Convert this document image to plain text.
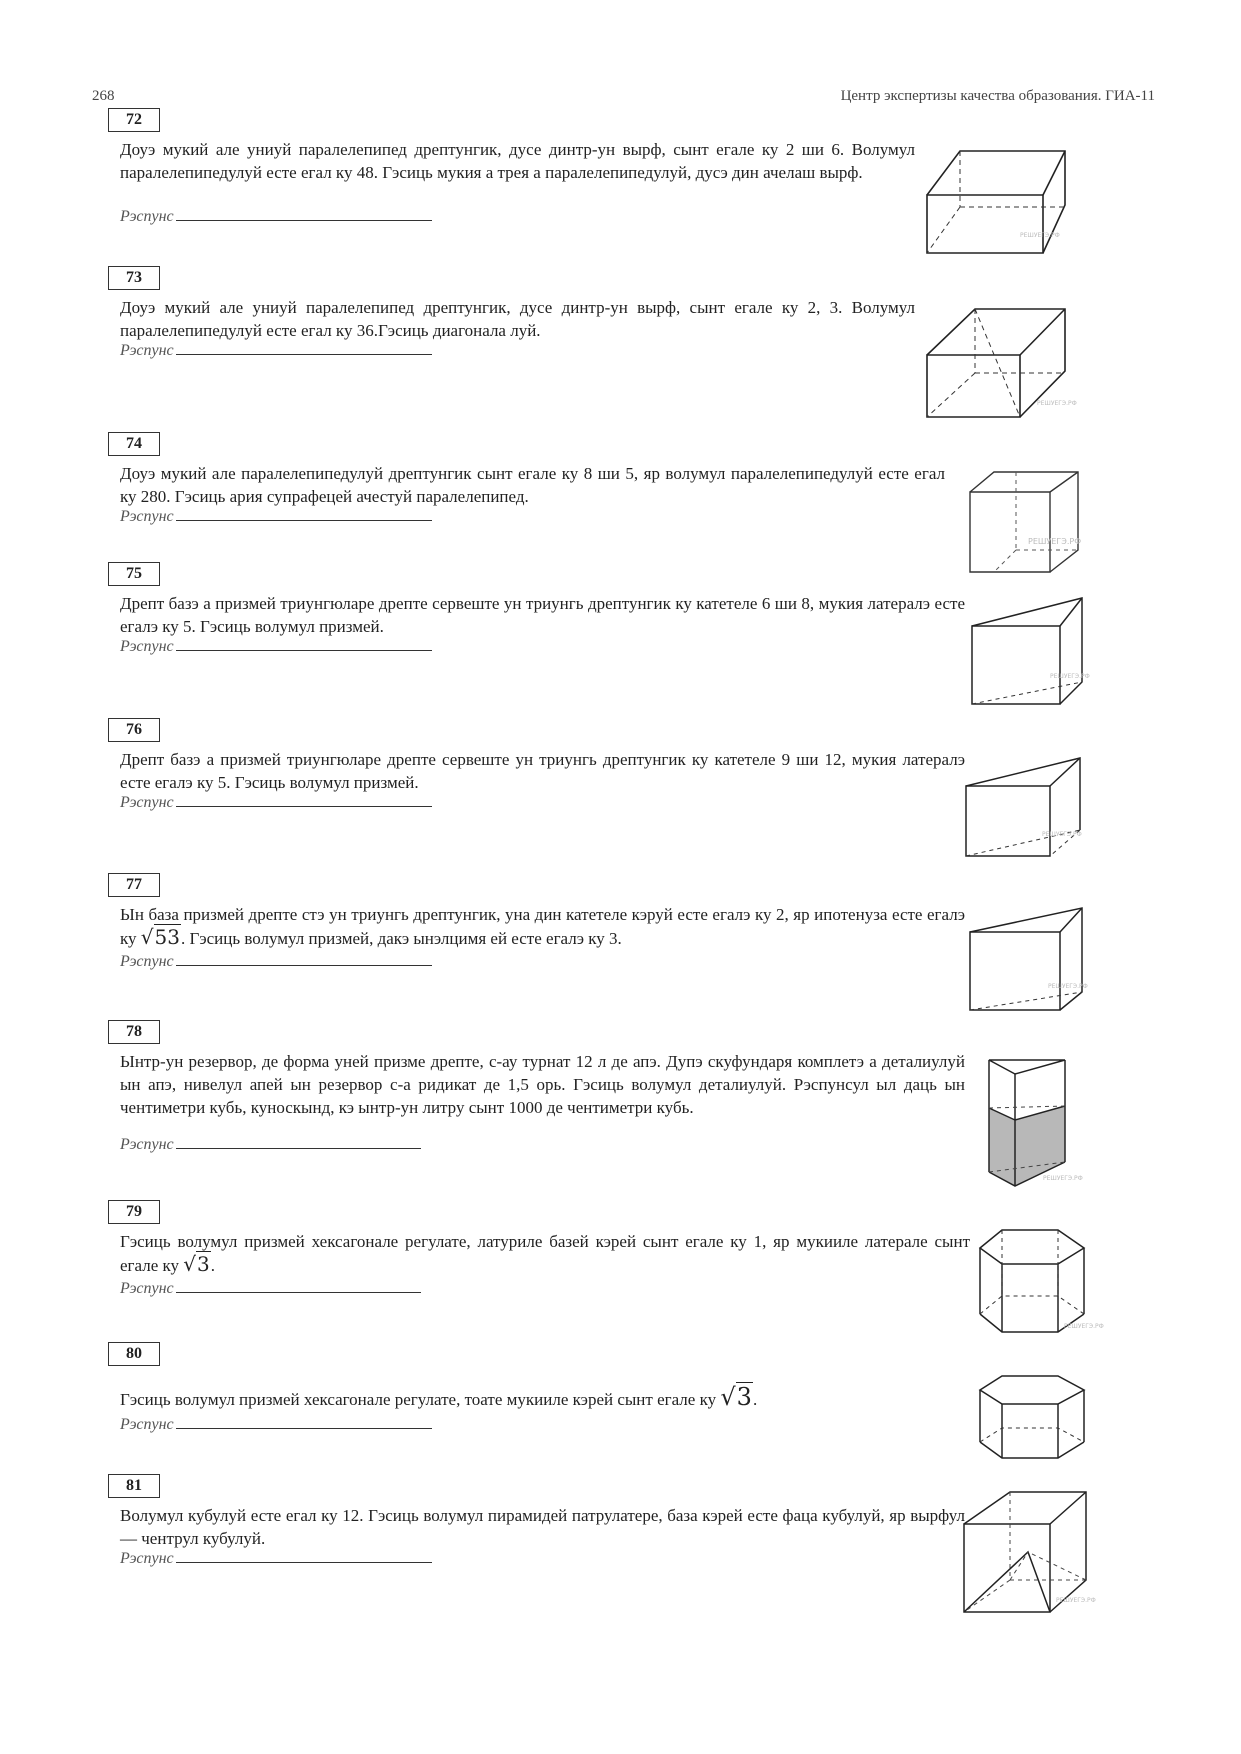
268	Центр экспертизы качества образования. ГИА-11
72
Доуэ мукий але униуй паралелепипед дрептунгик, дусе динтр-ун вырф, сынт егале ку 2 ши 6. Волумул паралелепипедулуй есте егал ку 48. Гэсиць мукия а трея а паралелепипедулуй, дусэ дин ачелаш вырф.
Рэспунс
РЕШУЕГЭ.РФ
73
Доуэ мукий але униуй паралелепипед дрептунгик, дусе динтр-ун вырф, сынт егале ку 2, 3. Волумул паралелепипедулуй есте егал ку 36.Гэсиць диагонала луй.
Рэспунс
РЕШУЕГЭ.РФ
74
Доуэ мукий але паралелепипедулуй дрептунгик сынт егале ку 8 ши 5, яр волумул паралелепипедулуй есте егал ку 280. Гэсиць ария супрафецей ачестуй паралелепипед.
Рэспунс
РЕШУЕГЭ.РФ
75
Дрепт базэ а призмей триунгюларе дрепте сервеште ун триунгь дрептунгик ку катетеле 6 ши 8, мукия латералэ есте егалэ ку 5. Гэсиць волумул призмей.
Рэспунс
РЕШУЕГЭ.РФ
76
Дрепт базэ а призмей триунгюларе дрепте сервеште ун триунгь дрептунгик ку катетеле 9 ши 12, мукия латералэ есте егалэ ку 5. Гэсиць волумул призмей.
Рэспунс
РЕШУЕГЭ.РФ
77
Ын база призмей дрепте стэ ун триунгь дрептунгик, уна дин катетеле кэруй есте егалэ ку 2, яр ипотенуза есте егалэ ку √53. Гэсиць волумул призмей, дакэ ынэлцимя ей есте егалэ ку 3.
Рэспунс
РЕШУЕГЭ.РФ
78
Ынтр-ун резервор, де форма уней призме дрепте, с-ау турнат 12 л де апэ. Дупэ скуфундаря комплетэ а деталиулуй ын апэ, нивелул апей ын резервор с-а ридикат де 1,5 орь. Гэсиць волумул деталиулуй. Рэспунсул ыл даць ын чентиметри кубь, куноскынд, кэ ынтр-ун литру сынт 1000 де чентиметри кубь.
Рэспунс
РЕШУЕГЭ.РФ
79
Гэсиць волумул призмей хексагонале регулате, латуриле базей кэрей сынт егале ку 1, яр мукииле латерале сынт егале ку √3.
Рэспунс
РЕШУЕГЭ.РФ
80
Гэсиць волумул призмей хексагонале регулате, тоате мукииле кэрей сынт егале ку √3.
Рэспунс
81
Волумул кубулуй есте егал ку 12. Гэсиць волумул пирамидей патрулатере, база кэрей есте фаца кубулуй, яр вырфул — чентрул кубулуй.
Рэспунс
РЕШУЕГЭ.РФ
